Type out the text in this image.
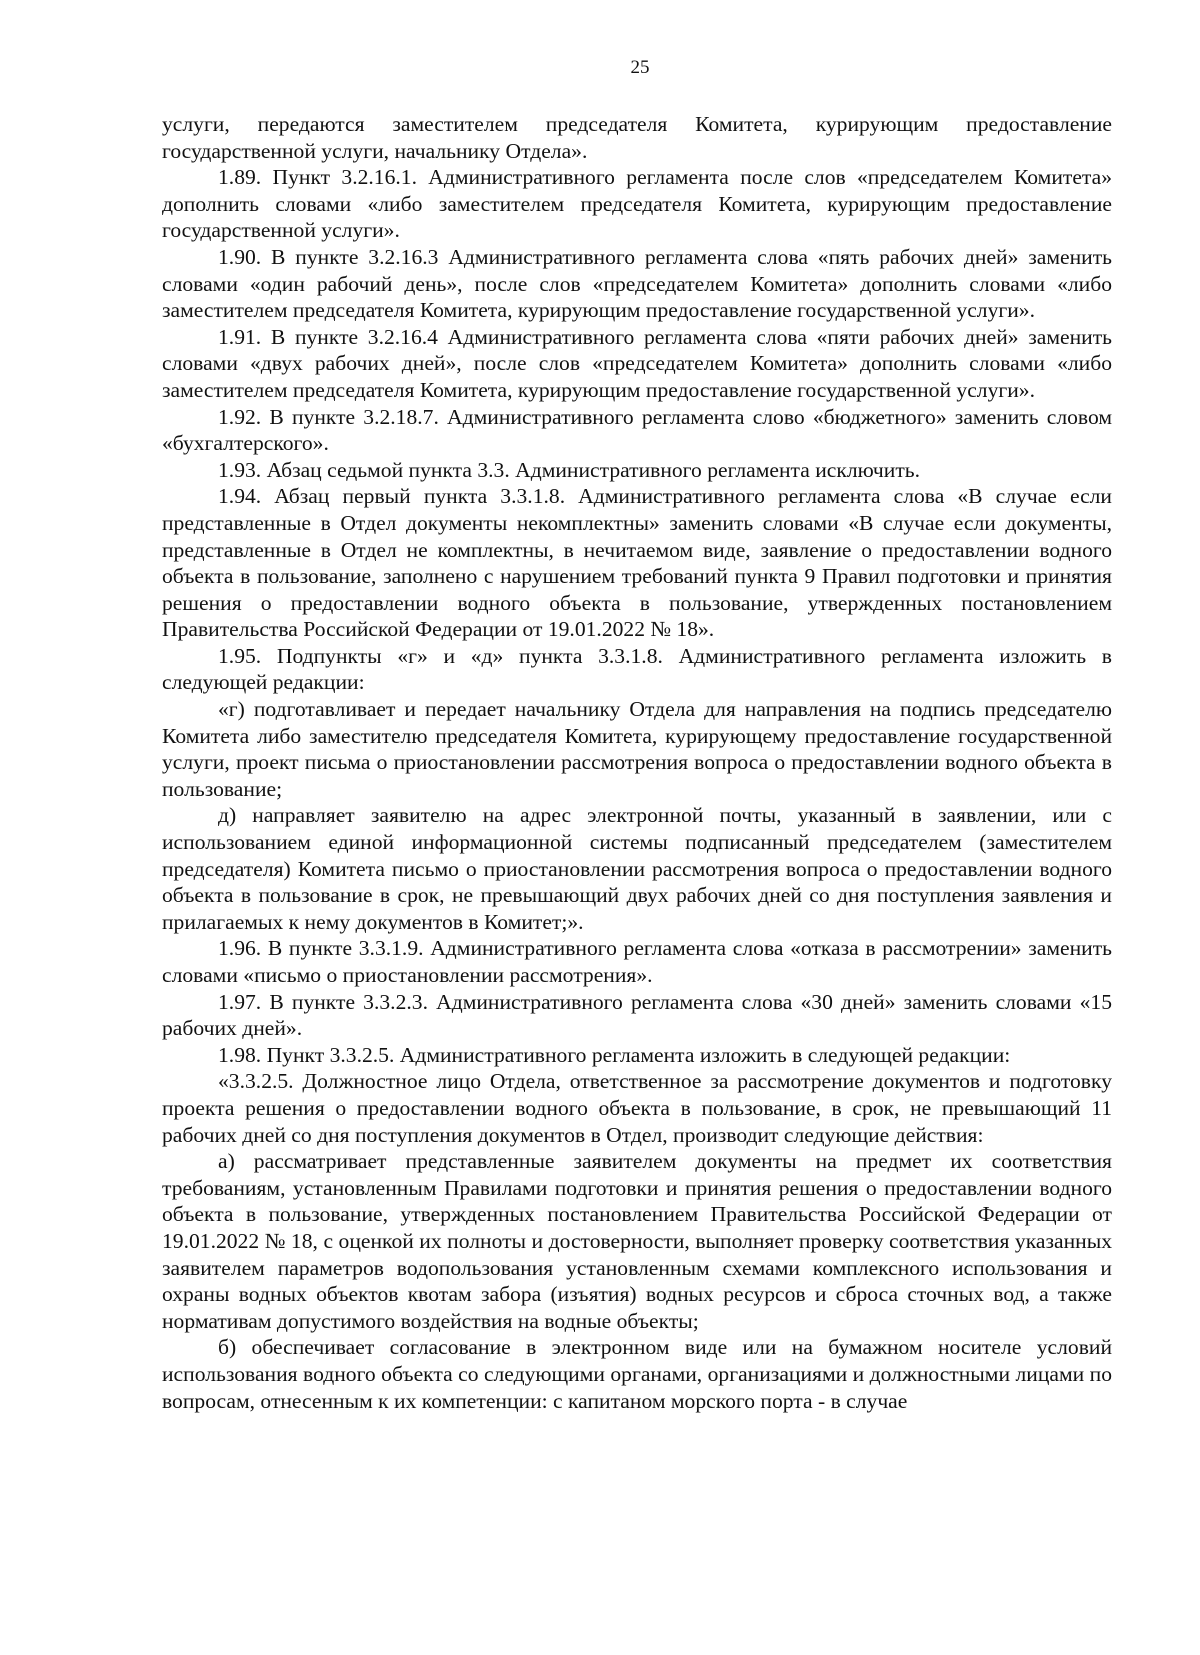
25

услуги, передаются заместителем председателя Комитета, курирующим предоставление государственной услуги, начальнику Отдела».

1.89. Пункт 3.2.16.1. Административного регламента после слов «председателем Комитета» дополнить словами «либо заместителем председателя Комитета, курирующим предоставление государственной услуги».

1.90. В пункте 3.2.16.3 Административного регламента слова «пять рабочих дней» заменить словами «один рабочий день», после слов «председателем Комитета» дополнить словами «либо заместителем председателя Комитета, курирующим предоставление государственной услуги».

1.91. В пункте 3.2.16.4 Административного регламента слова «пяти рабочих дней» заменить словами «двух рабочих дней», после слов «председателем Комитета» дополнить словами «либо заместителем председателя Комитета, курирующим предоставление государственной услуги».

1.92. В пункте 3.2.18.7. Административного регламента слово «бюджетного» заменить словом «бухгалтерского».

1.93. Абзац седьмой пункта 3.3. Административного регламента исключить.

1.94. Абзац первый пункта 3.3.1.8. Административного регламента слова «В случае если представленные в Отдел документы некомплектны» заменить словами «В случае если документы, представленные в Отдел не комплектны, в нечитаемом виде, заявление о предоставлении водного объекта в пользование, заполнено с нарушением требований пункта 9 Правил подготовки и принятия решения о предоставлении водного объекта в пользование, утвержденных постановлением Правительства Российской Федерации от 19.01.2022 № 18».

1.95. Подпункты «г» и «д» пункта 3.3.1.8. Административного регламента изложить в следующей редакции:

«г) подготавливает и передает начальнику Отдела для направления на подпись председателю Комитета либо заместителю председателя Комитета, курирующему предоставление государственной услуги, проект письма о приостановлении рассмотрения вопроса о предоставлении водного объекта в пользование;

д) направляет заявителю на адрес электронной почты, указанный в заявлении, или с использованием единой информационной системы подписанный председателем (заместителем председателя) Комитета письмо о приостановлении рассмотрения вопроса о предоставлении водного объекта в пользование в срок, не превышающий двух рабочих дней со дня поступления заявления и прилагаемых к нему документов в Комитет;».

1.96. В пункте 3.3.1.9. Административного регламента слова «отказа в рассмотрении» заменить словами «письмо о приостановлении рассмотрения».

1.97. В пункте 3.3.2.3. Административного регламента слова «30 дней» заменить словами «15 рабочих дней».

1.98. Пункт 3.3.2.5. Административного регламента изложить в следующей редакции:

«3.3.2.5. Должностное лицо Отдела, ответственное за рассмотрение документов и подготовку проекта решения о предоставлении водного объекта в пользование, в срок, не превышающий 11 рабочих дней со дня поступления документов в Отдел, производит следующие действия:

а) рассматривает представленные заявителем документы на предмет их соответствия требованиям, установленным Правилами подготовки и принятия решения о предоставлении водного объекта в пользование, утвержденных постановлением Правительства Российской Федерации от 19.01.2022 № 18, с оценкой их полноты и достоверности, выполняет проверку соответствия указанных заявителем параметров водопользования установленным схемами комплексного использования и охраны водных объектов квотам забора (изъятия) водных ресурсов и сброса сточных вод, а также нормативам допустимого воздействия на водные объекты;

б) обеспечивает согласование в электронном виде или на бумажном носителе условий использования водного объекта со следующими органами, организациями и должностными лицами по вопросам, отнесенным к их компетенции: с капитаном морского порта - в случае
